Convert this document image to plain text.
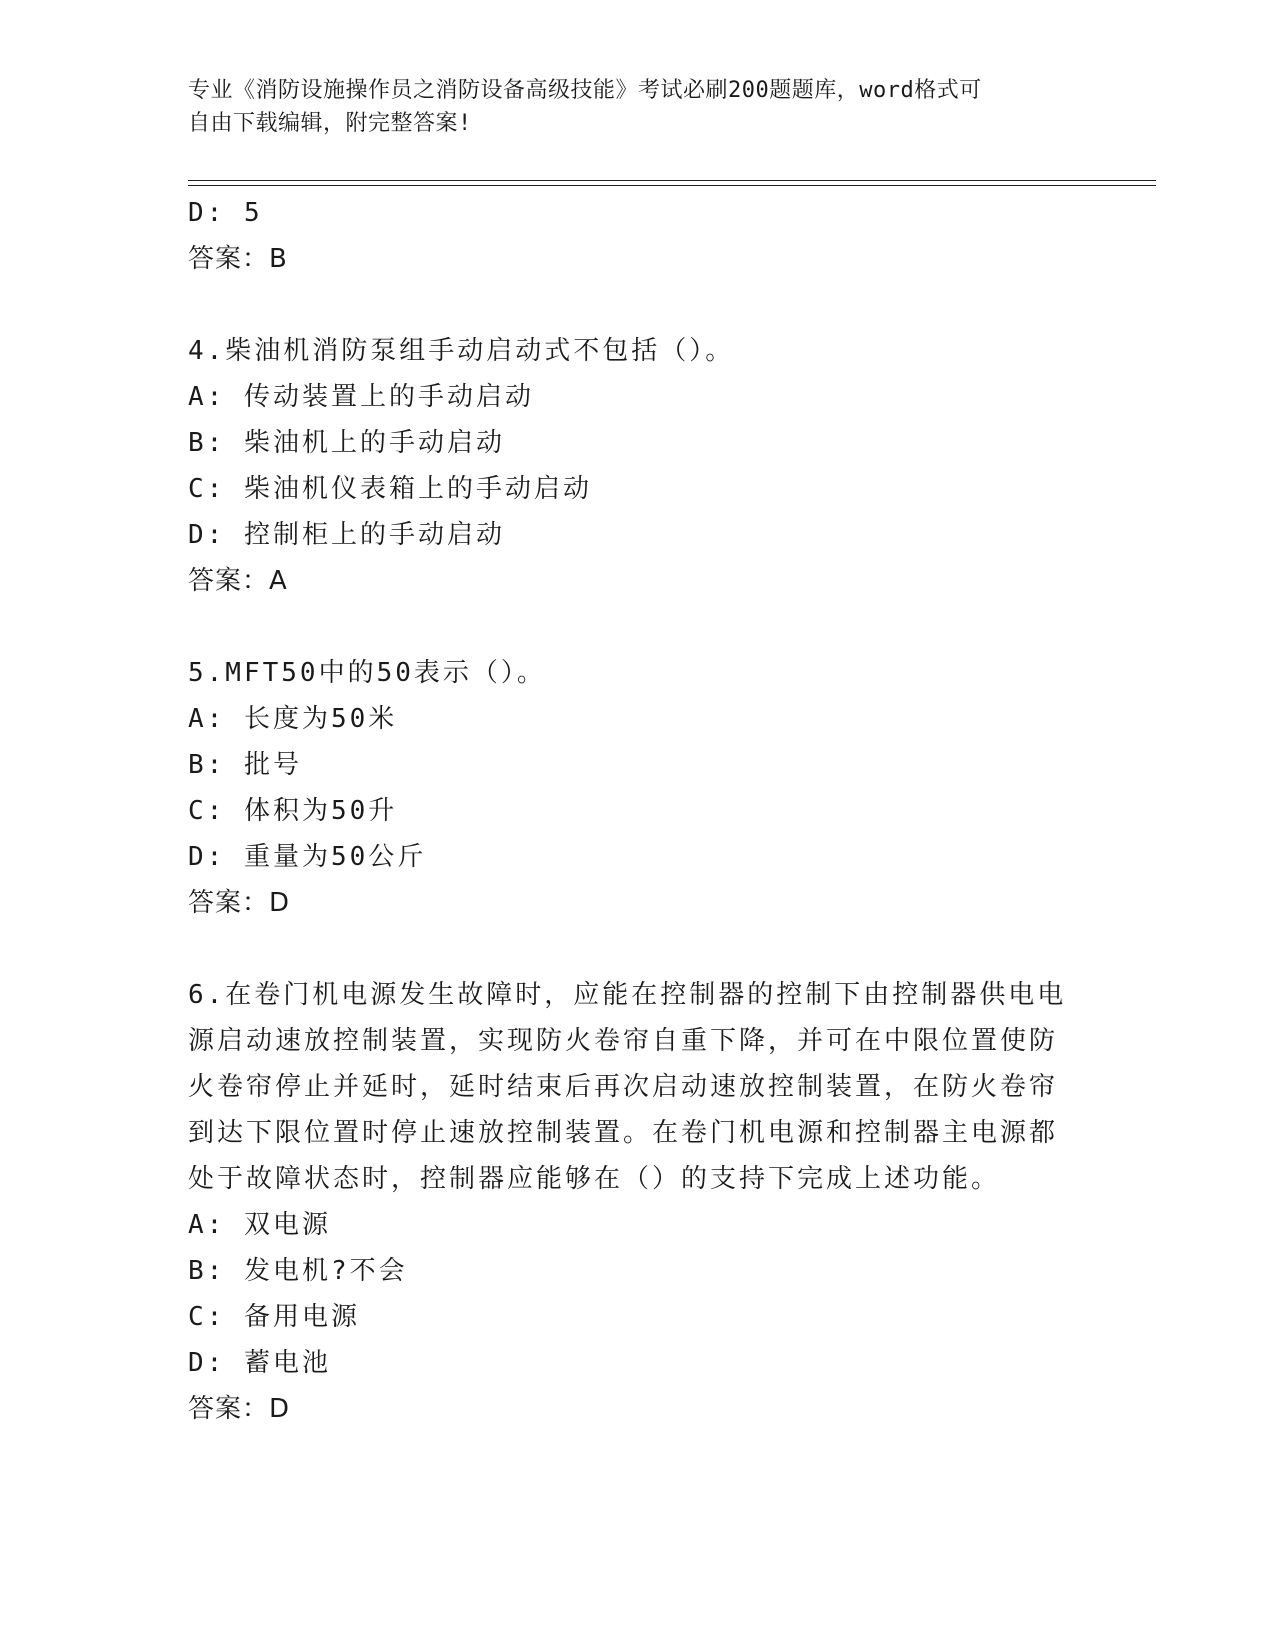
专业《消防设施操作员之消防设备高级技能》考试必刷200题题库，word格式可
自由下载编辑，附完整答案!
D: 5
答案：B
4.柴油机消防泵组手动启动式不包括（）。
A: 传动装置上的手动启动
B: 柴油机上的手动启动
C: 柴油机仪表箱上的手动启动
D: 控制柜上的手动启动
答案：A
5.MFT50中的50表示（）。
A: 长度为50米
B: 批号
C: 体积为50升
D: 重量为50公斤
答案：D
6.在卷门机电源发生故障时，应能在控制器的控制下由控制器供电电
源启动速放控制装置，实现防火卷帘自重下降，并可在中限位置使防
火卷帘停止并延时，延时结束后再次启动速放控制装置，在防火卷帘
到达下限位置时停止速放控制装置。在卷门机电源和控制器主电源都
处于故障状态时，控制器应能够在（）的支持下完成上述功能。
A: 双电源
B: 发电机?不会
C: 备用电源
D: 蓄电池
答案：D
